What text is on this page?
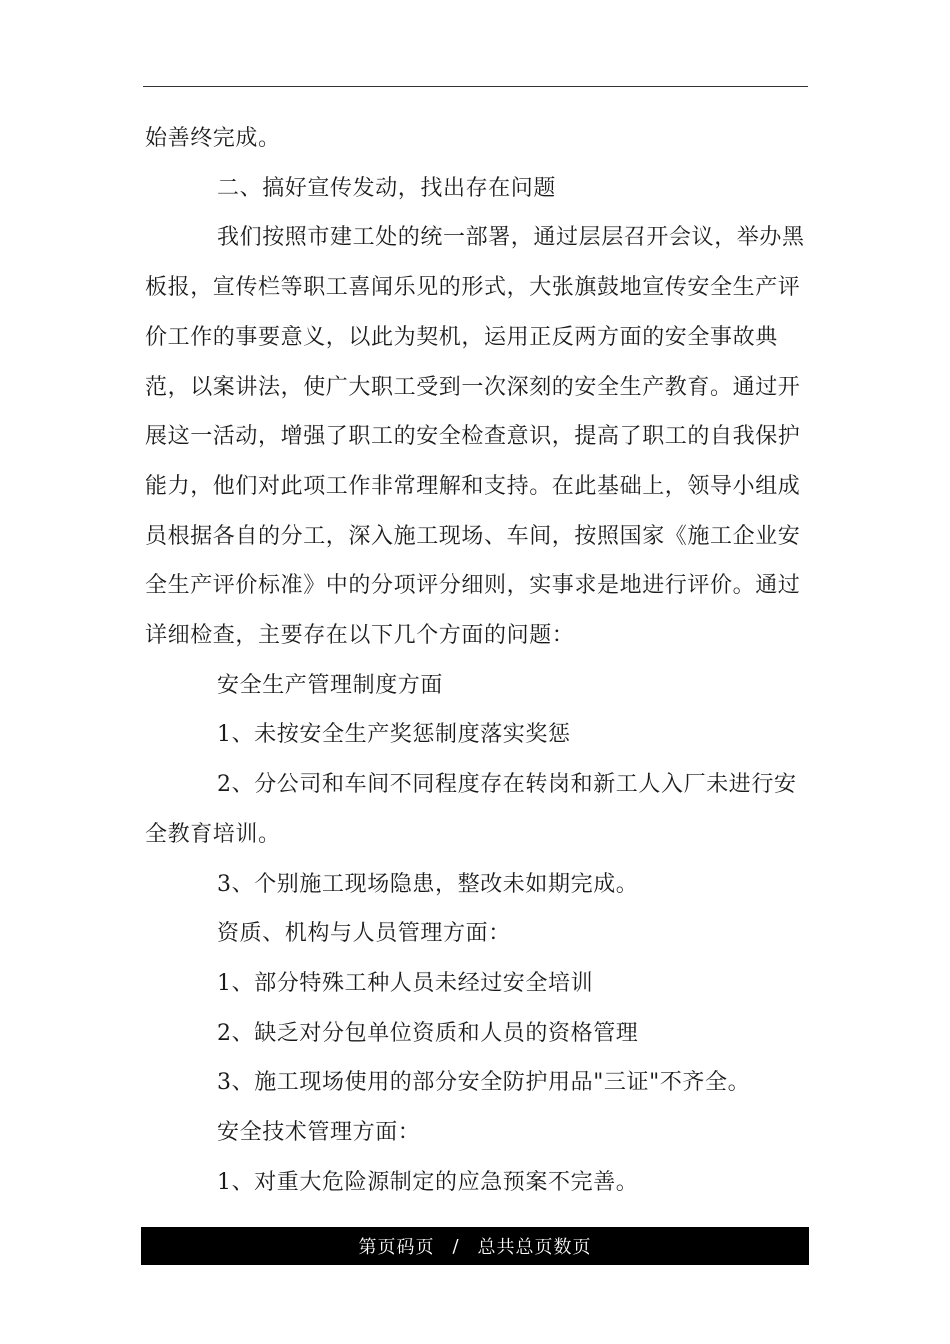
始善终完成。

二、搞好宣传发动，找出存在问题

我们按照市建工处的统一部署，通过层层召开会议，举办黑板报，宣传栏等职工喜闻乐见的形式，大张旗鼓地宣传安全生产评价工作的事要意义，以此为契机，运用正反两方面的安全事故典范，以案讲法，使广大职工受到一次深刻的安全生产教育。通过开展这一活动，增强了职工的安全检查意识，提高了职工的自我保护能力，他们对此项工作非常理解和支持。在此基础上，领导小组成员根据各自的分工，深入施工现场、车间，按照国家《施工企业安全生产评价标准》中的分项评分细则，实事求是地进行评价。通过详细检查，主要存在以下几个方面的问题：

安全生产管理制度方面

1、未按安全生产奖惩制度落实奖惩

2、分公司和车间不同程度存在转岗和新工人入厂未进行安全教育培训。

3、个别施工现场隐患，整改未如期完成。

资质、机构与人员管理方面：

1、部分特殊工种人员未经过安全培训

2、缺乏对分包单位资质和人员的资格管理

3、施工现场使用的部分安全防护用品"三证"不齐全。

安全技术管理方面：

1、对重大危险源制定的应急预案不完善。

第页码页 / 总共总页数页
